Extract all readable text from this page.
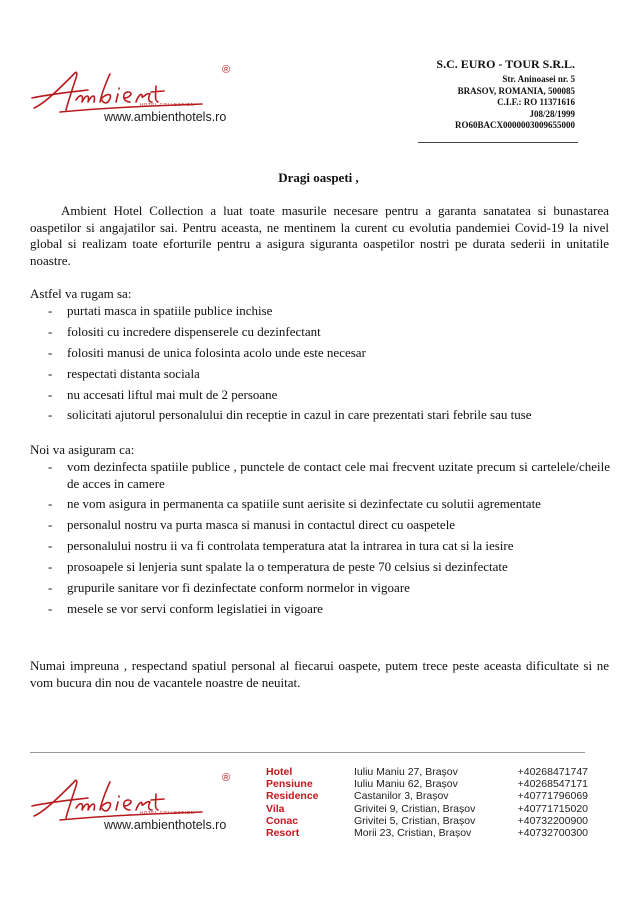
®
HOTEL COLLECTION
www.ambienthotels.ro
S.C. EURO - TOUR S.R.L.
Str. Aninoasei nr. 5
BRASOV, ROMANIA, 500085
C.I.F.: RO 11371616
J08/28/1999
RO60BACX0000003009655000
Dragi oaspeti ,
Ambient Hotel Collection a luat toate masurile necesare pentru a garanta sanatatea si bunastarea oaspetilor si angajatilor sai. Pentru aceasta, ne mentinem la curent cu evolutia pandemiei Covid-19 la nivel global si realizam toate eforturile pentru a asigura siguranta oaspetilor nostri pe durata sederii in unitatile noastre.
Astfel va rugam sa:
- purtati masca in spatiile publice inchise
- folositi cu incredere dispenserele cu dezinfectant
- folositi manusi de unica folosinta acolo unde este necesar
- respectati distanta sociala
- nu accesati liftul mai mult de 2 persoane
- solicitati ajutorul personalului din receptie in cazul in care prezentati stari febrile sau tuse
Noi va asiguram ca:
- vom dezinfecta spatiile publice , punctele de contact cele mai frecvent uzitate precum si cartelele/cheile de acces in camere
- ne vom asigura in permanenta ca spatiile sunt aerisite si dezinfectate cu solutii agrementate
- personalul nostru va purta masca si manusi in contactul direct cu oaspetele
- personalului nostru ii va fi controlata temperatura atat la intrarea in tura cat si la iesire
- prosoapele si lenjeria sunt spalate la o temperatura de peste 70 celsius si dezinfectate
- grupurile sanitare vor fi dezinfectate conform normelor in vigoare
- mesele se vor servi conform legislatiei in vigoare
Numai impreuna , respectand spatiul personal al fiecarui oaspete, putem trece peste aceasta dificultate si ne vom bucura din nou de vacantele noastre de neuitat.
®
HOTEL COLLECTION
www.ambienthotels.ro
Hotel	Iuliu Maniu 27, Brașov	+40268471747
Pensiune	Iuliu Maniu 62, Brașov	+40268547171
Residence	Castanilor 3, Brașov	+40771796069
Vila	Grivitei 9, Cristian, Brașov	+40771715020
Conac	Grivitei 5, Cristian, Brașov	+40732200900
Resort	Morii 23, Cristian, Brașov	+40732700300
